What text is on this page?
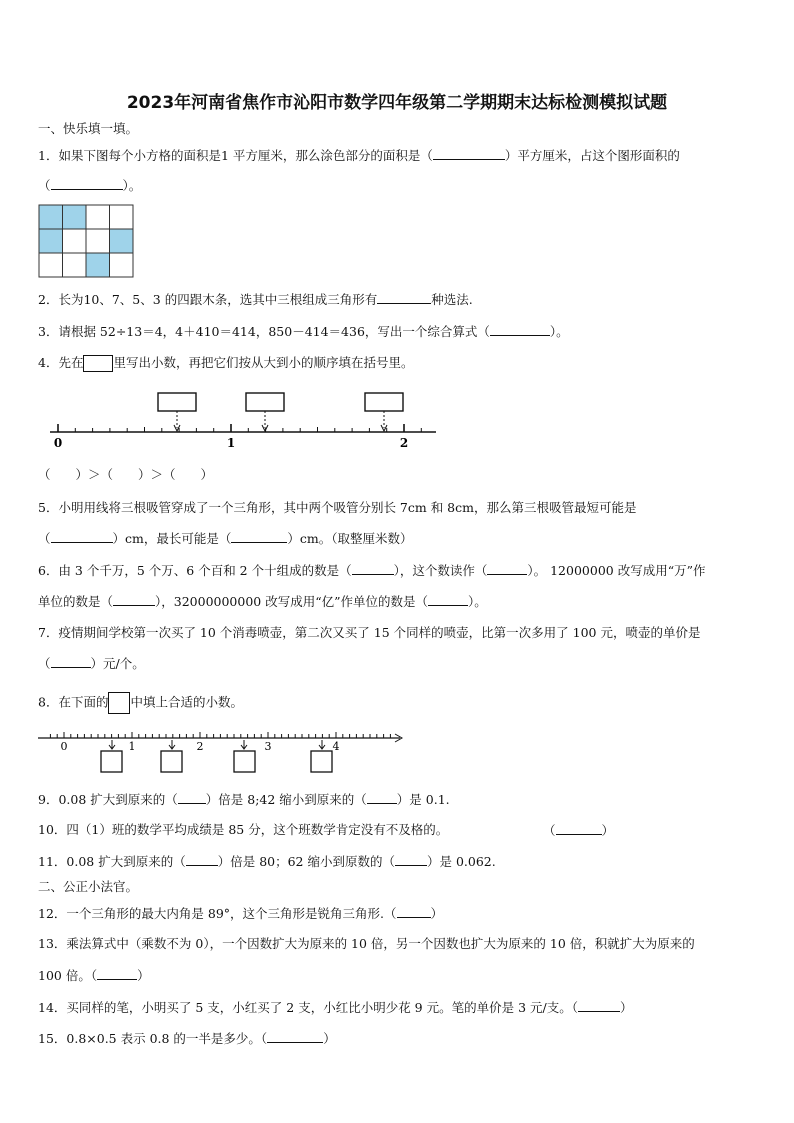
2023年河南省焦作市沁阳市数学四年级第二学期期末达标检测模拟试题
一、快乐填一填。
1．如果下图每个小方格的面积是1 平方厘米，那么涂色部分的面积是（	）平方厘米，占这个图形面积的
（	）。
2．长为10、7、5、3 的四跟木条，选其中三根组成三角形有	种选法.
3．请根据 52÷13＝4，4＋410＝414，850－414＝436，写出一个综合算式（	）。
4．先在 里写出小数，再把它们按从大到小的顺序填在括号里。
0	1	2
（　　）＞（　　）＞（　　）
5．小明用线将三根吸管穿成了一个三角形，其中两个吸管分别长 7cm 和 8cm，那么第三根吸管最短可能是
（	）cm，最长可能是（	）cm。（取整厘米数）
6．由 3 个千万，5 个万、6 个百和 2 个十组成的数是（	），这个数读作（	）。 12000000 改写成用“万”作
单位的数是（	），32000000000 改写成用“亿”作单位的数是（	）。
7．疫情期间学校第一次买了 10 个消毒喷壶，第二次又买了 15 个同样的喷壶，比第一次多用了 100 元，喷壶的单价是
（	）元/个。
8．在下面的 中填上合适的小数。
0	1	2	3	4
9．0.08 扩大到原来的（ ）倍是 8;42 缩小到原来的（ ）是 0.1.
10．四（1）班的数学平均成绩是 85 分，这个班数学肯定没有不及格的。	（	）
11．0.08 扩大到原来的（	）倍是 80；62 缩小到原数的（	）是 0.062.
二、公正小法官。
12．一个三角形的最大内角是 89°，这个三角形是锐角三角形.（	）
13．乘法算式中（乘数不为 0），一个因数扩大为原来的 10 倍，另一个因数也扩大为原来的 10 倍，积就扩大为原来的
100 倍。（	）
14．买同样的笔，小明买了 5 支，小红买了 2 支，小红比小明少花 9 元。笔的单价是 3 元/支。（	）
15．0.8×0.5 表示 0.8 的一半是多少。（	）
